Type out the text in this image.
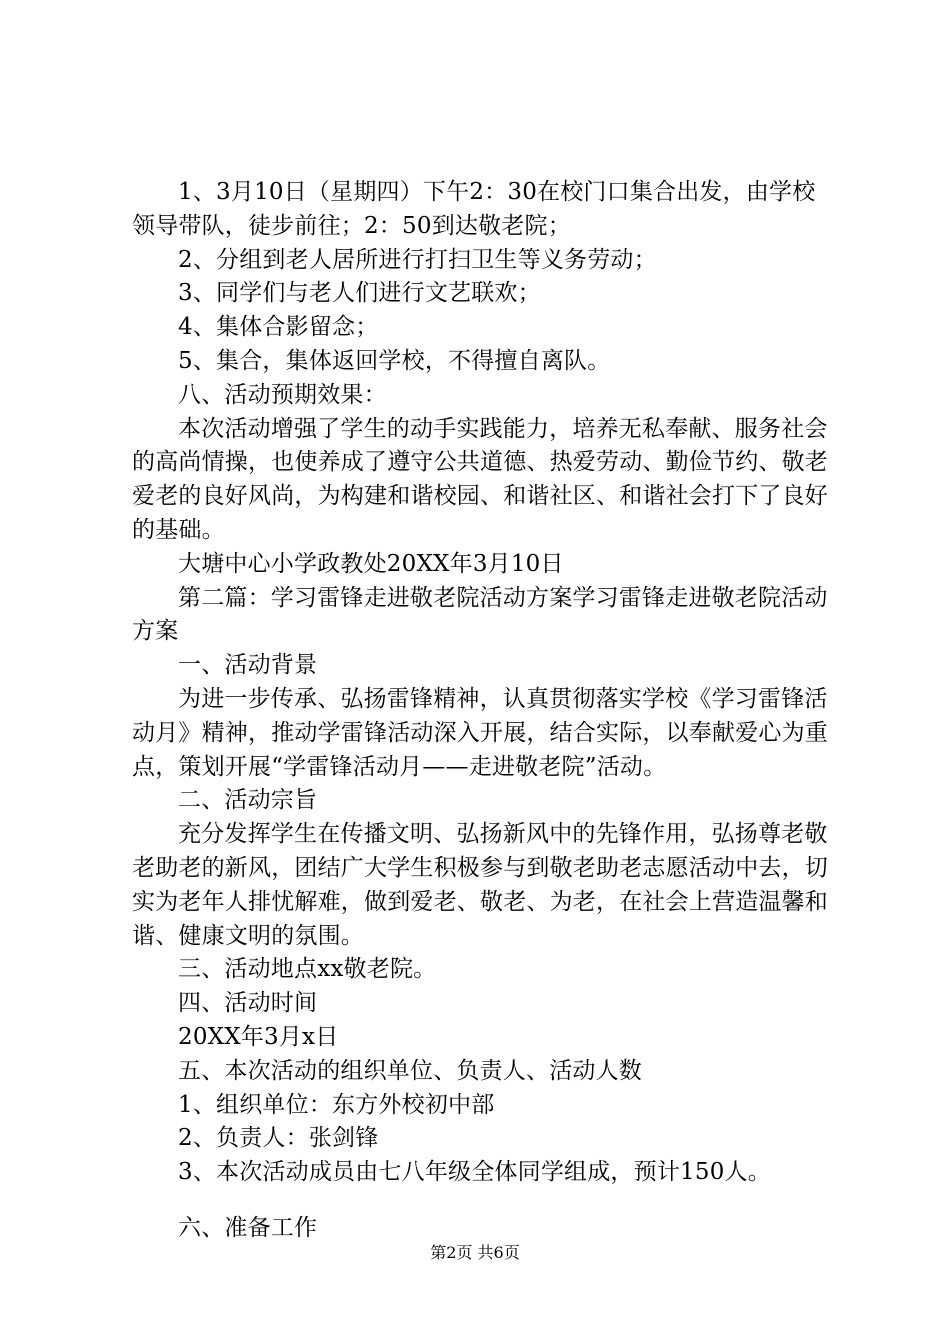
1、3月10日（星期四）下午2：30在校门口集合出发，由学校领导带队，徒步前往；2：50到达敬老院；

2、分组到老人居所进行打扫卫生等义务劳动；

3、同学们与老人们进行文艺联欢；

4、集体合影留念；

5、集合，集体返回学校，不得擅自离队。

八、活动预期效果：

本次活动增强了学生的动手实践能力，培养无私奉献、服务社会的高尚情操，也使养成了遵守公共道德、热爱劳动、勤俭节约、敬老爱老的良好风尚，为构建和谐校园、和谐社区、和谐社会打下了良好的基础。

大塘中心小学政教处20XX年3月10日

第二篇：学习雷锋走进敬老院活动方案学习雷锋走进敬老院活动方案

一、活动背景

为进一步传承、弘扬雷锋精神，认真贯彻落实学校《学习雷锋活动月》精神，推动学雷锋活动深入开展，结合实际，以奉献爱心为重点，策划开展“学雷锋活动月——走进敬老院”活动。

二、活动宗旨

充分发挥学生在传播文明、弘扬新风中的先锋作用，弘扬尊老敬老助老的新风，团结广大学生积极参与到敬老助老志愿活动中去，切实为老年人排忧解难，做到爱老、敬老、为老，在社会上营造温馨和谐、健康文明的氛围。

三、活动地点xx敬老院。

四、活动时间

20XX年3月x日

五、本次活动的组织单位、负责人、活动人数

1、组织单位：东方外校初中部

2、负责人：张剑锋

3、本次活动成员由七八年级全体同学组成，预计150人。

六、准备工作

第2页 共6页
